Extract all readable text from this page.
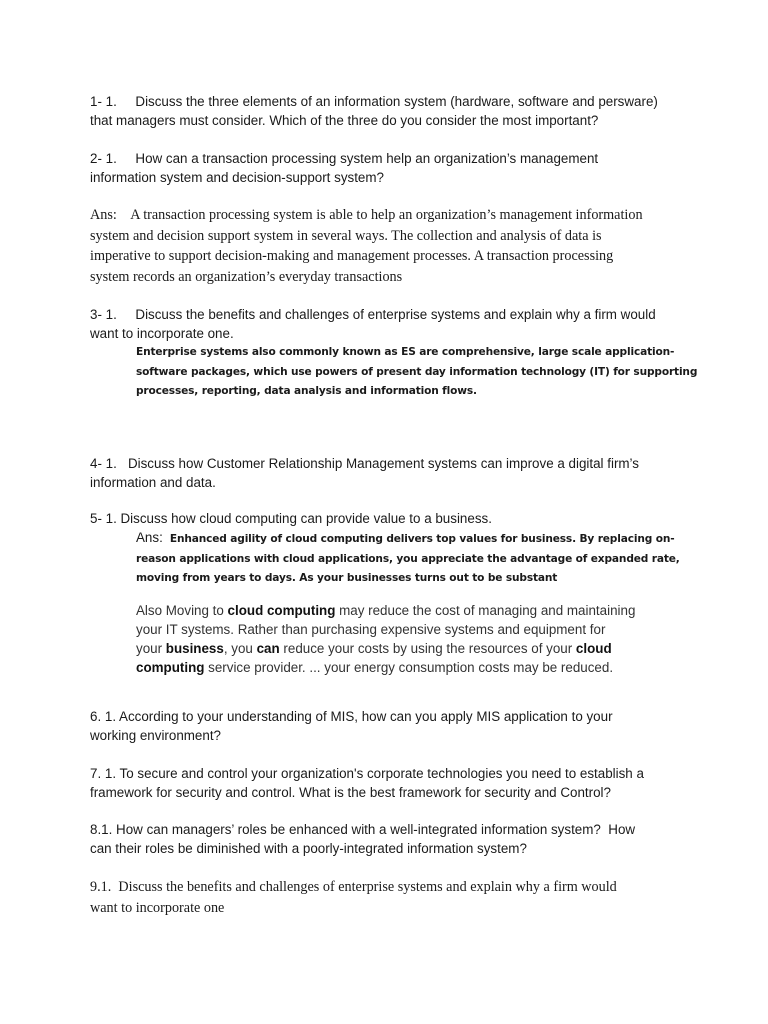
1- 1.     Discuss the three elements of an information system (hardware, software and persware)
that managers must consider. Which of the three do you consider the most important?
2- 1.     How can a transaction processing system help an organization’s management
information system and decision-support system?
Ans:    A transaction processing system is able to help an organization’s management information
system and decision support system in several ways. The collection and analysis of data is
imperative to support decision-making and management processes. A transaction processing
system records an organization’s everyday transactions
3- 1.     Discuss the benefits and challenges of enterprise systems and explain why a firm would
want to incorporate one.
Enterprise systems also commonly known as ES are comprehensive, large scale application-
software packages, which use powers of present day information technology (IT) for supporting
processes, reporting, data analysis and information flows.
4- 1.   Discuss how Customer Relationship Management systems can improve a digital firm’s
information and data.
5- 1. Discuss how cloud computing can provide value to a business.
Ans: Enhanced agility of cloud computing delivers top values for business. By replacing on-
reason applications with cloud applications, you appreciate the advantage of expanded rate,
moving from years to days. As your businesses turns out to be substant
Also Moving to cloud computing may reduce the cost of managing and maintaining
your IT systems. Rather than purchasing expensive systems and equipment for
your business, you can reduce your costs by using the resources of your cloud
computing service provider. ... your energy consumption costs may be reduced.
6. 1. According to your understanding of MIS, how can you apply MIS application to your
working environment?
7. 1. To secure and control your organization's corporate technologies you need to establish a
framework for security and control. What is the best framework for security and Control?
8.1. How can managers’ roles be enhanced with a well-integrated information system?  How
can their roles be diminished with a poorly-integrated information system?
9.1.  Discuss the benefits and challenges of enterprise systems and explain why a firm would
want to incorporate one
